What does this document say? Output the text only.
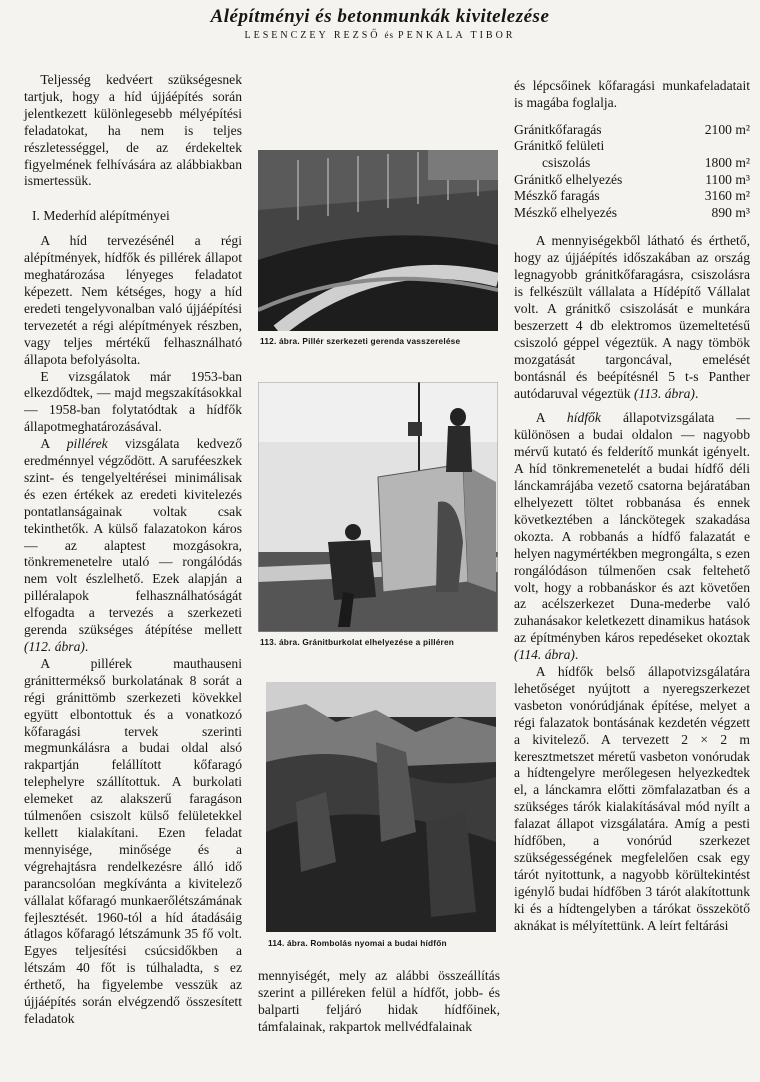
Alépítményi és betonmunkák kivitelezése
LESENCZEY REZSŐ és PENKALA TIBOR

Teljesség kedvéert szükségesnek tartjuk, hogy a híd újjáépítés során jelentkezett különlegesebb mélyépítési feladatokat, ha nem is teljes részletességgel, de az érdekeltek figyelmének felhívására az alábbiakban ismertessük.

I. Mederhíd alépítményei

A híd tervezésénél a régi alépítmények, hídfők és pillérek állapot meghatározása lényeges feladatot képezett. Nem kétséges, hogy a híd eredeti tengelyvonalban való újjáépítési tervezetét a régi alépítmények részben, vagy teljes mértékű felhasználható állapota befolyásolta.

E vizsgálatok már 1953-ban elkezdődtek, — majd megszakításokkal — 1958-ban folytatódtak a hídfők állapotmeghatározásával.

A pillérek vizsgálata kedvező eredménnyel végződött. A saruféeszkek szint- és tengelyeltérései minimálisak és ezen értékek az eredeti kivitelezés pontatlanságainak voltak csak tekinthetők. A külső falazatokon káros — az alaptest mozgásokra, tönkremenetelre utaló — rongálódás nem volt észlelhető. Ezek alapján a pilléralapok felhasználhatóságát elfogadta a tervezés a szerkezeti gerenda szükséges átépítése mellett (112. ábra).

A pillérek mauthauseni gránittermékső burkolatának 8 sorát a régi gránittömb szerkezeti kövekkel együtt elbontottuk és a vonatkozó kőfaragási tervek szerinti megmunkálásra a budai oldal alsó rakpartján felállított kőfaragó telephelyre szállítottuk. A burkolati elemeket az alakszerű faragáson túlmenően csiszolt külső felületekkel kellett kialakítani. Ezen feladat mennyisége, minősége és a végrehajtásra rendelkezésre álló idő parancsolóan megkívánta a kivitelező vállalat kőfaragó munkaerőlétszámának fejlesztését. 1960-tól a híd átadásáig átlagos kőfaragó létszámunk 35 fő volt. Egyes teljesítési csúcsidőkben a létszám 40 főt is túlhaladta, s ez érthető, ha figyelembe vesszük az újjáépítés során elvégzendő összesített feladatok

112. ábra. Pillér szerkezeti gerenda vasszerelése
113. ábra. Gránitburkolat elhelyezése a pilléren
114. ábra. Rombolás nyomai a budai hídfőn

mennyiségét, mely az alábbi összeállítás szerint a pilléreken felül a hídfőt, jobb- és balparti feljáró hidak hídfőinek, támfalainak, rakpartok mellvédfalainak

és lépcsőinek kőfaragási munkafeladatait is magába foglalja.

Gránitkőfaragás	2100 m²
Gránitkő felületi	
csiszolás	1800 m²
Gránitkő elhelyezés	1100 m³
Mészkő faragás	3160 m²
Mészkő elhelyezés	890 m³

A mennyiségekből látható és érthető, hogy az újjáépítés időszakában az ország legnagyobb gránitkőfaragásra, csiszolásra is felkészült vállalata a Hídépítő Vállalat volt. A gránitkő csiszolását e munkára beszerzett 4 db elektromos üzemeltetésű csiszoló géppel végeztük. A nagy tömbök mozgatását targoncával, emelését bontásnál és beépítésnél 5 t-s Panther autódaruval végeztük (113. ábra).

A hídfők állapotvizsgálata — különösen a budai oldalon — nagyobb mérvű kutató és felderítő munkát igényelt. A híd tönkremenetelét a budai hídfő déli lánckamrájába vezető csatorna bejáratában elhelyezett töltet robbanása és ennek következtében a lánckötegek szakadása okozta. A robbanás a hídfő falazatát e helyen nagymértékben megrongálta, s ezen rongálódáson túlmenően csak feltehető volt, hogy a robbanáskor és azt követően az acélszerkezet Duna-mederbe való zuhanásakor keletkezett dinamikus hatások az építményben káros repedéseket okoztak (114. ábra).

A hídfők belső állapotvizsgálatára lehetőséget nyújtott a nyeregszerkezet vasbeton vonórúdjának építése, melyet a régi falazatok bontásának kezdetén végzett a kivitelező. A tervezett 2 × 2 m keresztmetszet méretű vasbeton vonórudak a hídtengelyre merőlegesen helyezkedtek el, a lánckamra előtti zömfalazatban és a szükséges tárók kialakításával mód nyílt a falazat állapot vizsgálatára. Amíg a pesti hídfőben, a vonórúd szerkezet szükségességének megfelelően csak egy tárót nyitottunk, a nagyobb körültekintést igénylő budai hídfőben 3 tárót alakítottunk ki és a hídtengelyben a tárókat összekötő aknákat is mélyítettünk. A leírt feltárási
